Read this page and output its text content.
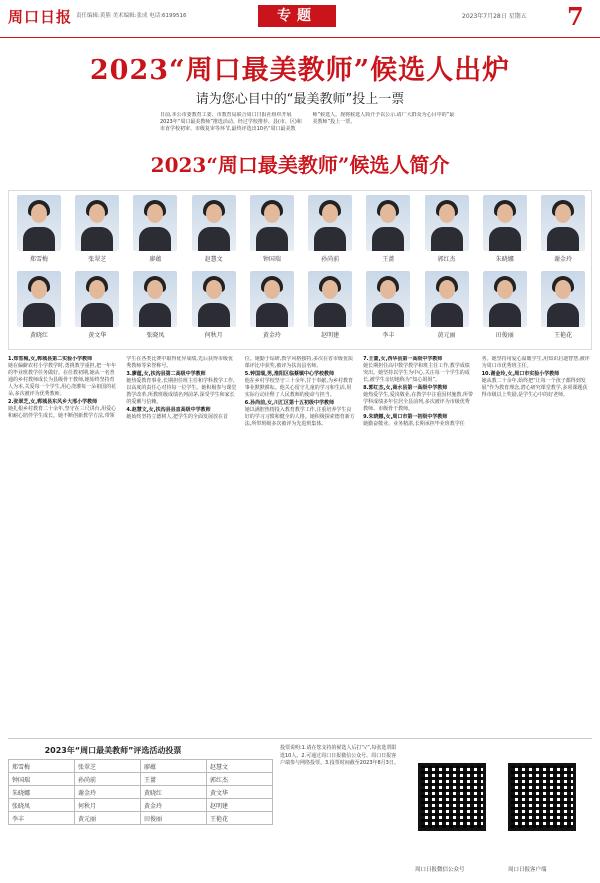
周口日报 责任编辑:黄熊 美术编辑:张成 电话:6199516	专题	2023年7月28日 星期五 7
2023“周口最美教师”候选人出炉
请为您心目中的“最美教师”投上一票
日前,本公市委教育工委、市教育局联合周口日报社组织开展2023年“周口最美教师”推选活动。经过学校推荐、县(市、区)和市直学校初审、市级复审等环节,最终评选出10名“周口最美教师”候选人。现将候选人简介予以公示,请广大群众为心目中的“最美教师”投上一票。
2023“周口最美教师”候选人简介
郑雪梅	张翠芝	廖蕴	赵慧文	钟国瑞	孙尚前	王蔷	郭红杰	朱晓娜	谢金玲
黄晓红	黄文华	张晓凤	何秋月	黄金玲	赵明建	李丰	黄元丽	田俊丽	王艳花

1.郑雪梅,女,郸城县第二实验小学教师
她在偏僻农村小学教学时,勇挑教学重担,把一年年的毕业班教学任务做好。在任教初期,她从一名普通的乡村教师成长为县级骨干教师,她始终坚持育人为本,关爱每一个学生,用心浇灌每一朵祖国的花朵,多次被评为优秀教师。

2.张翠芝,女,郸城县东风乡大邢小学教师
她扎根乡村教育二十余年,坚守在三尺讲台,用爱心和耐心陪伴学生成长。她不断创新教学方法,带领学生在各类比赛中取得优异成绩,先后获得市级优秀教师等荣誉称号。

3.廖蕴,女,扶沟县第二高级中学教师
她热爱教育事业,长期担任班主任和学科教学工作,以高度的责任心对待每一位学生。她积极参与课堂教学改革,所教班级成绩名列前茅,深受学生和家长的爱戴与信赖。

4.赵慧文,女,扶沟县县直高级中学教师
她始终坚持立德树人,把学生的全面发展放在首位。她勤于钻研,教学风格独特,多次在省市级优质课评比中获奖,被评为扶沟县名师。

5.钟国瑞,男,淮阳区临蔡镇中心学校教师
他在乡村学校坚守三十余年,甘于奉献,为乡村教育事业默默耕耘。他关心留守儿童的学习和生活,用实际行动诠释了人民教师的使命与担当。

6.孙尚前,女,川汇区第十五初级中学教师
她以满腔热情投入教育教学工作,注重培养学生良好的学习习惯和健全的人格。她积极探索德育新方法,所带班级多次被评为先进班集体。

7.王蔷,女,西华县第一高级中学教师
她长期担任高中数学教学和班主任工作,教学成绩突出。她坚持以学生为中心,关注每一个学生的成长,被学生亲切地称为“知心姐姐”。

8.郭红杰,女,商水县第一高级中学教师
她热爱学生,爱岗敬业,在教学中注重因材施教,所带学科成绩多年位居全县前列,多次被评为市级优秀教师、市级骨干教师。

9.朱晓娜,女,周口市第一初级中学教师
她勤奋敬业、业务精湛,长期承担毕业班教学任务。她坚持用爱心温暖学生,用知识启迪智慧,被评为周口市优秀班主任。

10.谢金玲,女,周口市实验小学教师
她从教二十余年,始终把“让每一个孩子都得到发展”作为教育理念,潜心研究课堂教学,多项课题获得市级以上奖励,是学生心中的好老师。

2023年“周口最美教师”评选活动投票
郑雪梅	张翠芝	廖蕴	赵慧文
钟国瑞	孙尚前	王蔷	郭红杰
朱晓娜	谢金玲	黄晓红	黄文华
张晓凤	何秋月	黄金玲	赵明建
李丰	黄元丽	田俊丽	王艳花
投票说明:1.请在您支持的候选人后打“√”,每张选票限选10人。2.可通过周口日报微信公众号、周口日报客户端参与网络投票。3.投票时间截至2023年8月3日。
周口日报微信公众号	周口日报客户端
